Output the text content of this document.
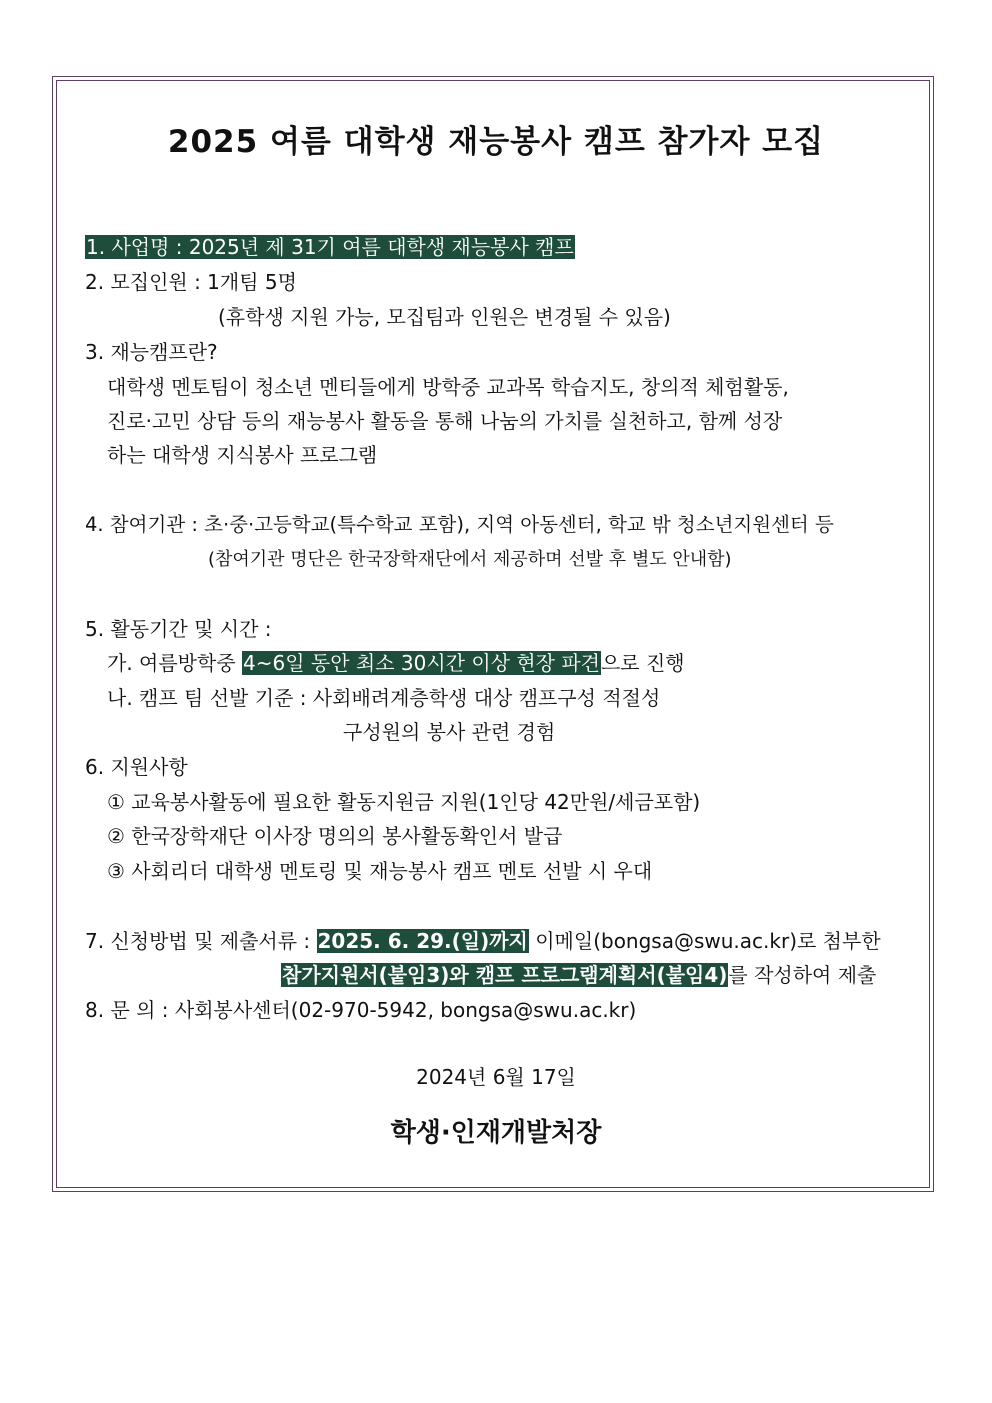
2025 여름 대학생 재능봉사 캠프 참가자 모집
1. 사업명 : 2025년 제 31기 여름 대학생 재능봉사 캠프
2. 모집인원 : 1개팀 5명
(휴학생 지원 가능, 모집팀과 인원은 변경될 수 있음)
3. 재능캠프란?
대학생 멘토팀이 청소년 멘티들에게 방학중 교과목 학습지도, 창의적 체험활동,
진로·고민 상담 등의 재능봉사 활동을 통해 나눔의 가치를 실천하고, 함께 성장
하는 대학생 지식봉사 프로그램
4. 참여기관 : 초·중·고등학교(특수학교 포함), 지역 아동센터, 학교 밖 청소년지원센터 등
(참여기관 명단은 한국장학재단에서 제공하며 선발 후 별도 안내함)
5. 활동기간 및 시간 :
가. 여름방학중 4~6일 동안 최소 30시간 이상 현장 파견으로 진행
나. 캠프 팀 선발 기준 : 사회배려계층학생 대상 캠프구성 적절성
구성원의 봉사 관련 경험
6. 지원사항
① 교육봉사활동에 필요한 활동지원금 지원(1인당 42만원/세금포함)
② 한국장학재단 이사장 명의의 봉사활동확인서 발급
③ 사회리더 대학생 멘토링 및 재능봉사 캠프 멘토 선발 시 우대
7. 신청방법 및 제출서류 : 2025. 6. 29.(일)까지 이메일(bongsa@swu.ac.kr)로 첨부한
참가지원서(붙임3)와 캠프 프로그램계획서(붙임4)를 작성하여 제출
8. 문 의 : 사회봉사센터(02-970-5942, bongsa@swu.ac.kr)
2024년 6월 17일
학생·인재개발처장
